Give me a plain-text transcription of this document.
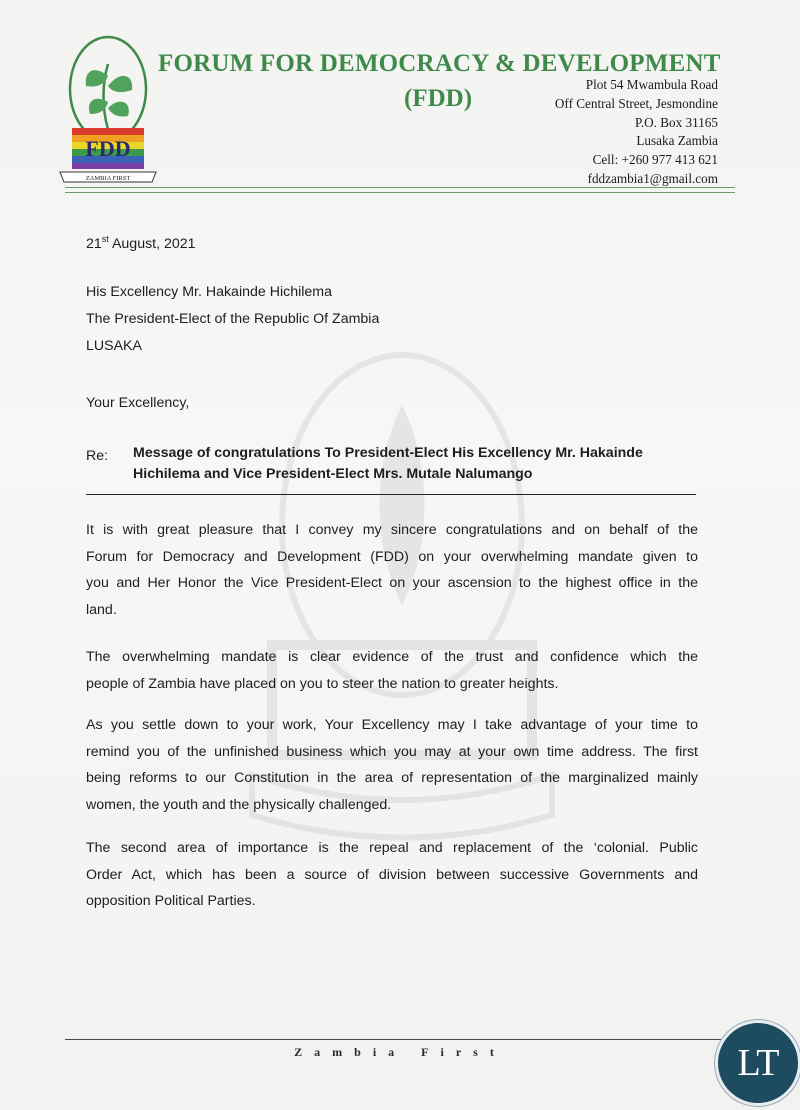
FDD
ZAMBIA FIRST
FORUM FOR DEMOCRACY & DEVELOPMENT
(FDD)
Plot 54 Mwambula Road
Off Central Street, Jesmondine
P.O. Box 31165
Lusaka Zambia
Cell: +260 977 413 621
fddzambia1@gmail.com
21st August, 2021
His Excellency Mr. Hakainde Hichilema
The President-Elect of the Republic Of Zambia
LUSAKA
Your Excellency,
Re: Message of congratulations To President-Elect His Excellency Mr. Hakainde
Hichilema and Vice President-Elect Mrs. Mutale Nalumango
It is with great pleasure that I convey my sincere congratulations and on behalf of the
Forum for Democracy and Development (FDD) on your overwhelming mandate given to
you and Her Honor the Vice President-Elect on your ascension to the highest office in the
land.
The overwhelming mandate is clear evidence of the trust and confidence which the
people of Zambia have placed on you to steer the nation to greater heights.
As you settle down to your work, Your Excellency may I take advantage of your time to
remind you of the unfinished business which you may at your own time address. The first
being reforms to our Constitution in the area of representation of the marginalized mainly
women, the youth and the physically challenged.
The second area of importance is the repeal and replacement of the ‘colonial. Public
Order Act, which has been a source of division between successive Governments and
opposition Political Parties.
Zambia First	LT
